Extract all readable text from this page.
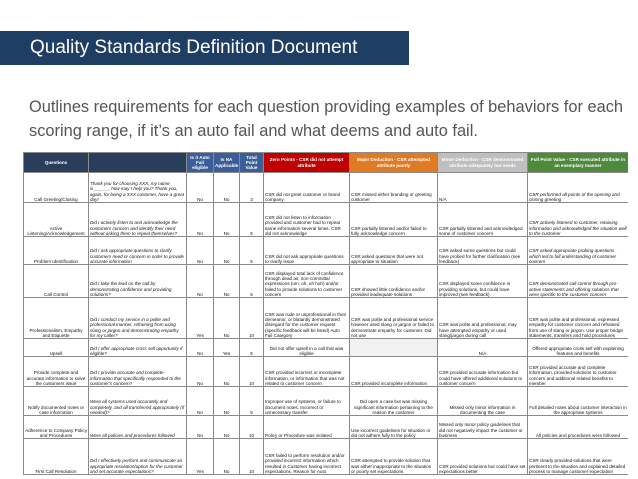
Quality Standards Definition Document
Outlines requirements for each question providing examples of behaviors for each scoring range, if it’s an auto fail and what deems and auto fail.
Questions		Is it Auto Fail eligible	Is NA Applicable	Total Point Value	Zero Points - CSR did not attempt attribute	Major Deduction - CSR attempted attribute poorly	Minor Deduction - CSR demonstrated attribute adequately but needs	Full Point Value - CSR executed attribute in an exemplary manner
Call Greeting/Closing	Thank you for choosing XXX, my name is______, how may I help you? Thank you, again, for being a XXX customer, have a great day!	No	No	3	CSR did not greet customer or brand company	CSR missed either branding or greeting customer	N/A	CSR performed all points of the opening and closing greeting
Active Listening/Acknowledgement	Did I actively listen to and acknowledge the customers concern and identify their need without asking them to repeat themselves?	No	No	5	CSR did not listen to information provided and customer had to repeat same information several times. CSR did not acknowledge	CSR partially listened and/or failed to fully acknowledge concern	CSR partially listened and acknowledged some of customer concern	CSR actively listened to customer, retaining information and acknowledged the situation well to the customer
Problem Identification	Did I ask appropriate questions to clarify customers need or concern in order to provide accurate information	No	No	5	CSR did not ask appropriate questions to clarify issue	CSR asked questions that were not appropriate to situation	CSR asked some questions but could have probed for further clarification (see feedback)	CSR asked appropriate probing questions which led to full understanding of customer concern
Call Control	Did I take the lead on the call by demonstrating confidence and providing solutions?	No	No	5	CSR displayed total lack of confidence through dead air, non-committal expressions (um, oh, uh huh) and/or failed to provide solutions to customer concern	CSR showed little confidence and/or provided inadequate solutions	CSR displayed some confidence in providing solutions, but could have improved (see feedback)	CSR demonstrated call control through pro-active statements and offering solutions that were specific to the customer concern
Professionalism, Empathy and Etiquette	Did I conduct my service in a polite and professional manner, refraining from using slang or jargon and demonstrating empathy for my caller?	Yes	No	10	CSR was rude or unprofessional in their demeanor, or blatantly demonstrated disregard for the customer request (specific feedback will be listed) Auto Fail Category	CSR was polite and professional service however used slang or jargon or failed to demonstrate empathy for customer. Did not use	CSR was polite and professional, may have attempted empathy or used slang/jargon during call	CSR was polite and professional, expressed empathy for customer concern and refrained from use of slang or jargon. Use proper bridge statements, transfers and hold procedures
Upsell	Did I offer appropriate cross sell opportunity if eligible?	No	Yes	5	Did not offer upsell in a call that was eligible		N/A	Offered appropriate cross sell with explaining features and benefits
Provide complete and accurate information to solve the customers issue	Did I provide accurate and complete information that specifically responded to the customer's concern?	No	No	10	CSR provided incorrect or incomplete information, or information that was not related to customer concern	CSR provided incomplete information	CSR provided accurate information but could have offered additional solutions to customer concern	CSR provided accurate and complete information, provided solutions to customer concern and additional related benefits to member
Notify documented notes or case information	Were all systems used accurately and completely, and all transferred appropriately (if needed)?	No	No	5	Improper use of systems, or failure to document notes. Incorrect or unnecessary transfer	Did open a case but was missing significant information pertaining to the reason the customer	Missed only minor information in documenting the case	Full detailed notes about customer interaction in the appropriate systems
Adherence to Company Policy and Procedures	Were all policies and procedures followed	No	No	10	Policy or Procedure was violated	Use incorrect guidelines for situation or did not adhere fully to the policy	Missed only minor policy guidelines that did not negatively impact the customer or business	All policies and procedures were followed
First Call Resolution	Did I effectively perform and communicate an appropriate resolution/option for the customer and set accurate expectations?	Yes	No	10	CSR failed to perform resolution and/or provided incorrect information which resulted in Customer having incorrect expectations. Reason for Auto	CSR attempted to provide solution that was either inappropriate to the situation or poorly set expectations	CSR provided solutions but could have set expectations better	CSR clearly provided solutions that were pertinent to the situation and explained detailed process to manage customer expectation
